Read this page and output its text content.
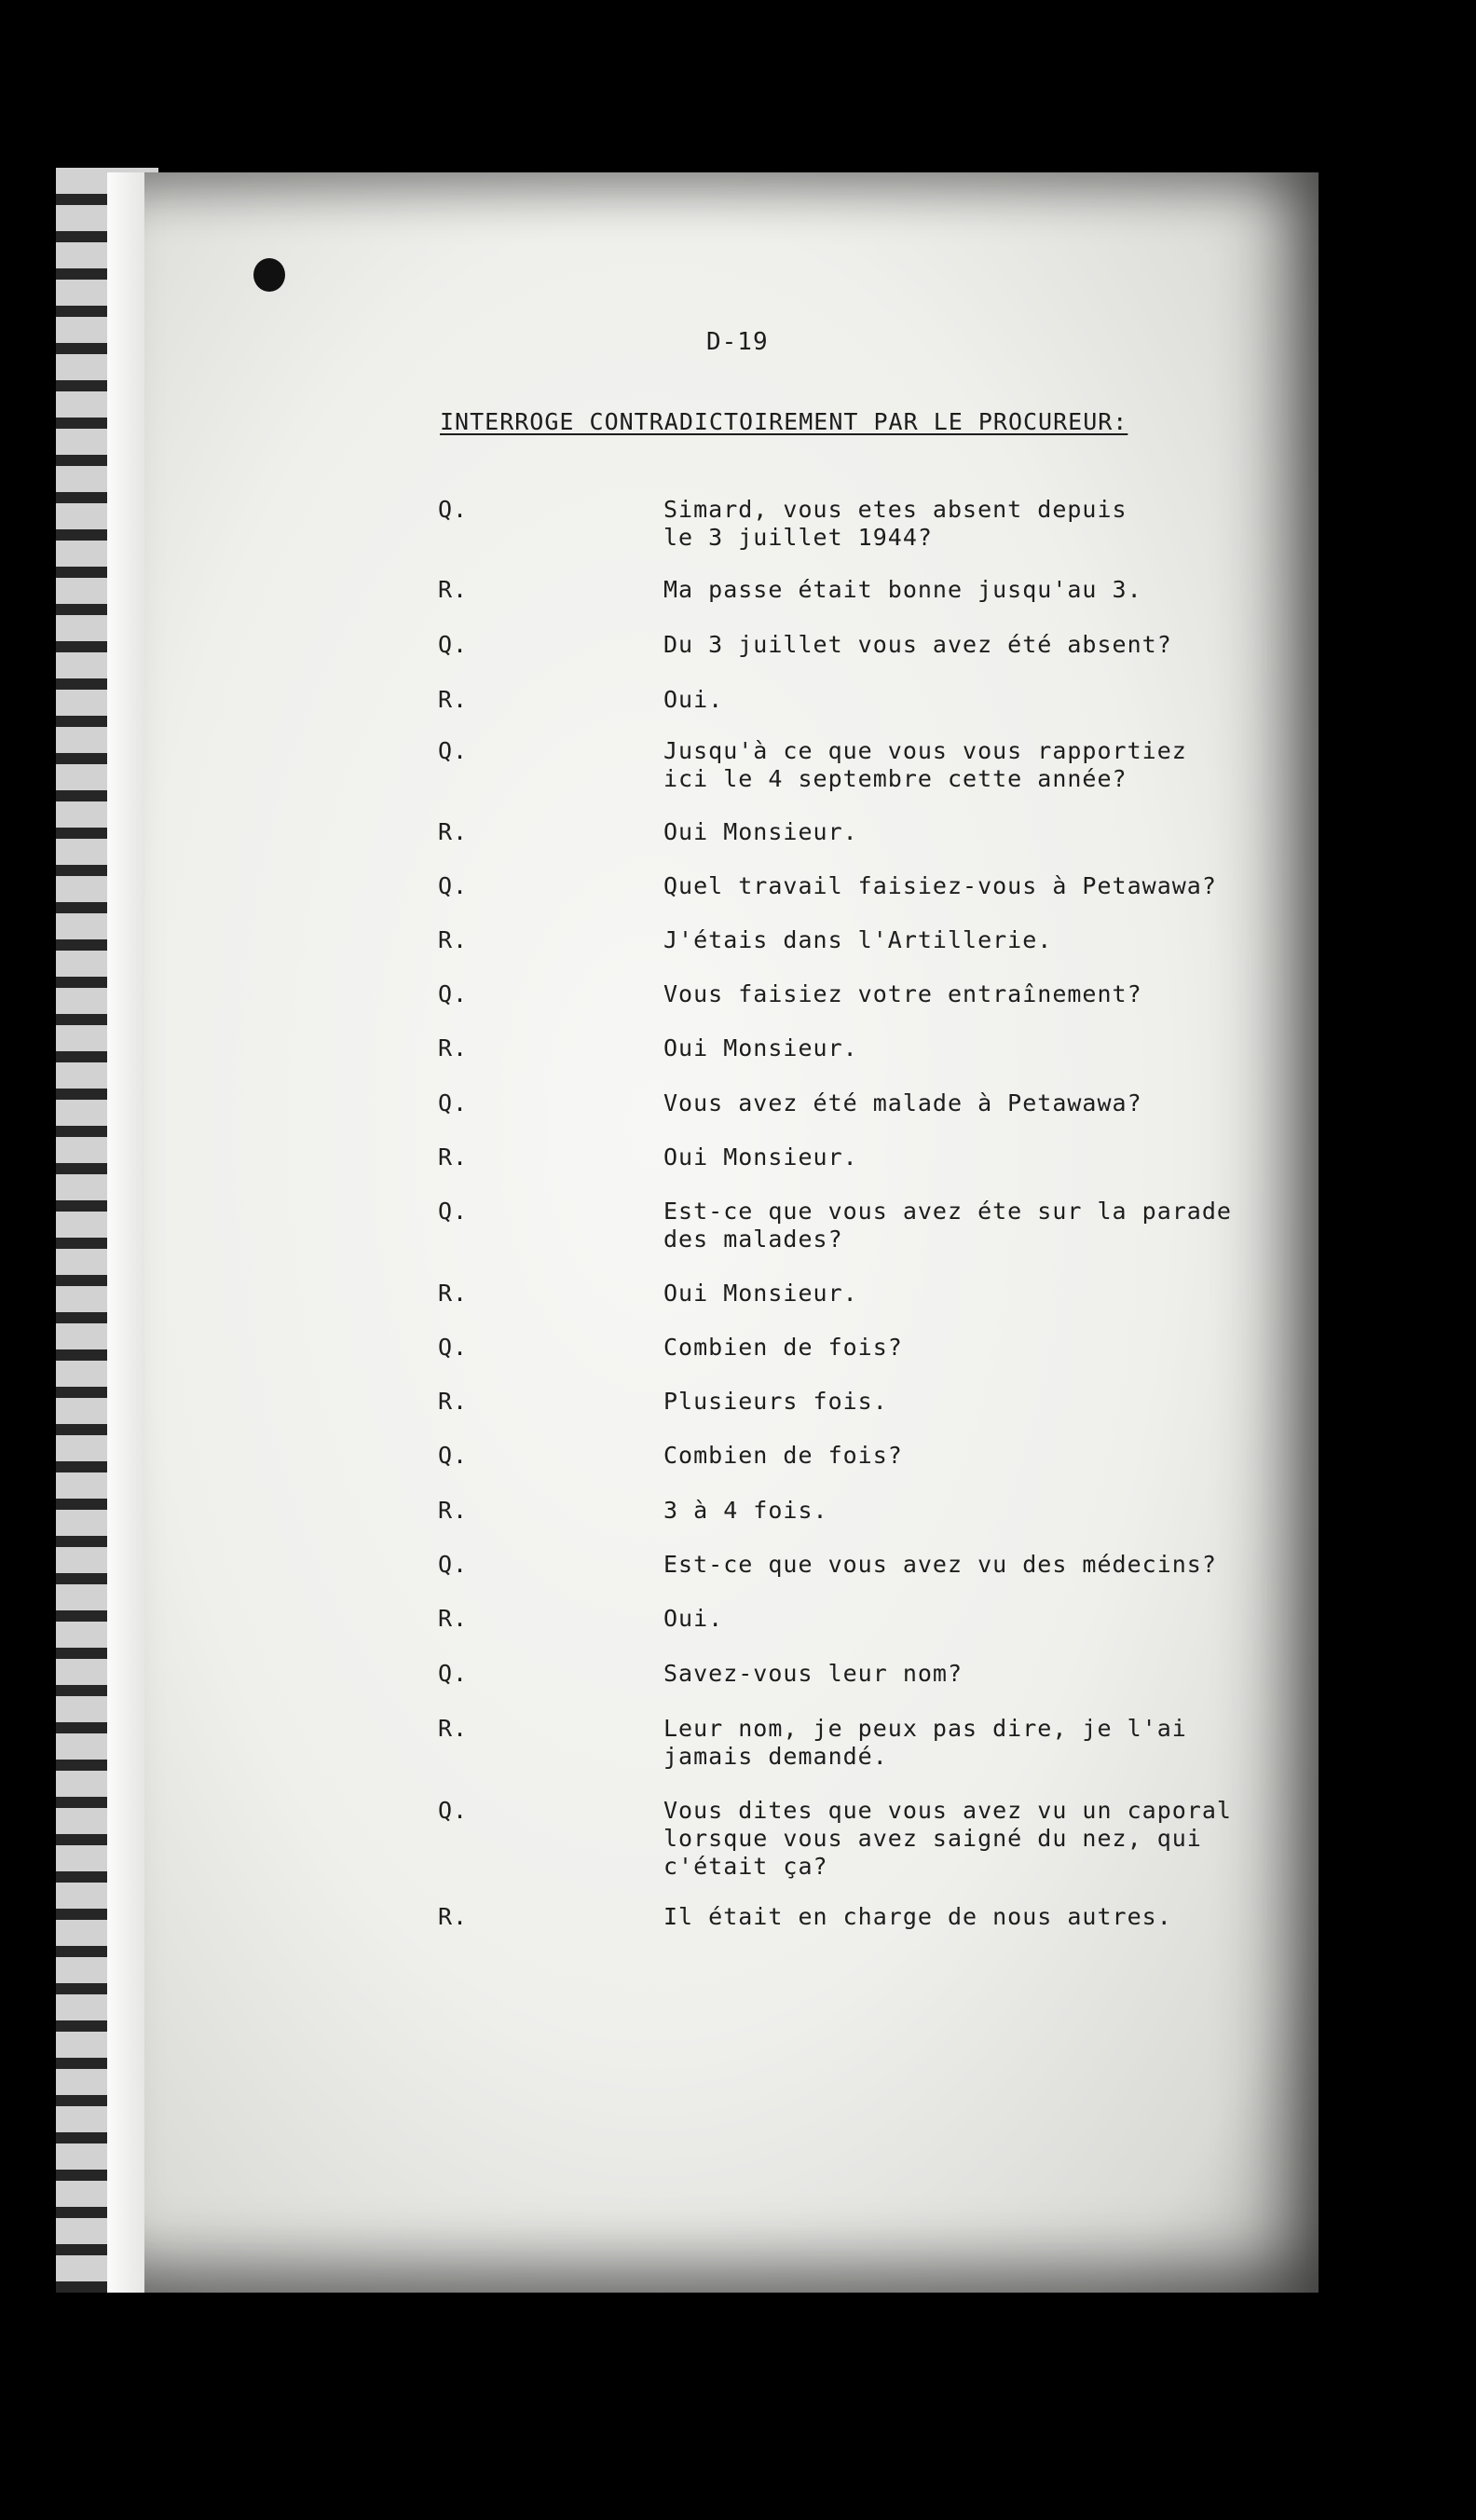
D-19
INTERROGE CONTRADICTOIREMENT PAR LE PROCUREUR:
Q.	Simard, vous etes absent depuis
le 3 juillet 1944?
R.	Ma passe était bonne jusqu'au 3.
Q.	Du 3 juillet vous avez été absent?
R.	Oui.
Q.	Jusqu'à ce que vous vous rapportiez
ici le 4 septembre cette année?
R.	Oui Monsieur.
Q.	Quel travail faisiez-vous à Petawawa?
R.	J'étais dans l'Artillerie.
Q.	Vous faisiez votre entraînement?
R.	Oui Monsieur.
Q.	Vous avez été malade à Petawawa?
R.	Oui Monsieur.
Q.	Est-ce que vous avez éte sur la parade
des malades?
R.	Oui Monsieur.
Q.	Combien de fois?
R.	Plusieurs fois.
Q.	Combien de fois?
R.	3 à 4 fois.
Q.	Est-ce que vous avez vu des médecins?
R.	Oui.
Q.	Savez-vous leur nom?
R.	Leur nom, je peux pas dire, je l'ai
jamais demandé.
Q.	Vous dites que vous avez vu un caporal
lorsque vous avez saigné du nez, qui
c'était ça?
R.	Il était en charge de nous autres.
